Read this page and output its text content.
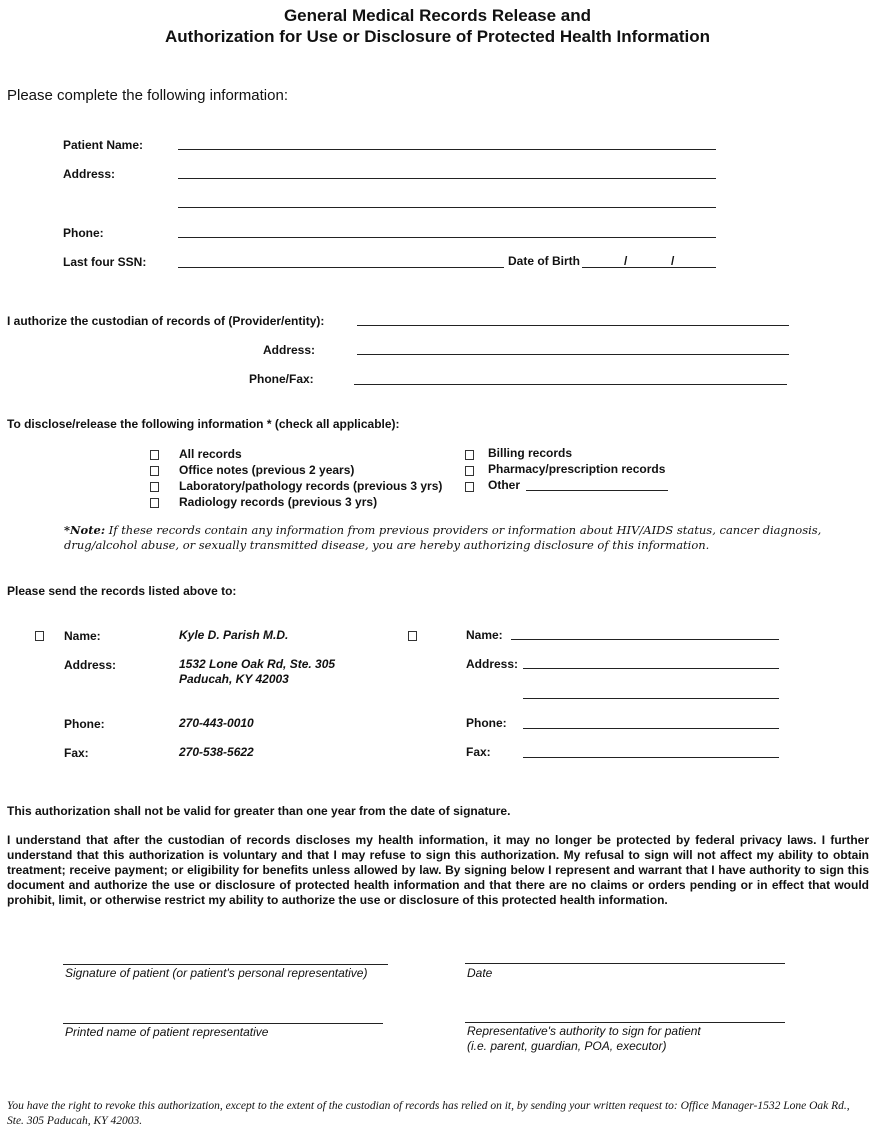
General Medical Records Release and
Authorization for Use or Disclosure of Protected Health Information
Please complete the following information:
Patient Name:
Address:
Phone:
Last four SSN:	Date of Birth	/	/
I authorize the custodian of records of (Provider/entity):
Address:
Phone/Fax:
To disclose/release the following information * (check all applicable):
All records
Office notes (previous 2 years)
Laboratory/pathology records (previous 3 yrs)
Radiology records (previous 3 yrs)
Billing records
Pharmacy/prescription records
Other
*Note: If these records contain any information from previous providers or information about HIV/AIDS status, cancer diagnosis, drug/alcohol abuse, or sexually transmitted disease, you are hereby authorizing disclosure of this information.
Please send the records listed above to:
Name:	Kyle D. Parish M.D.
Address:	1532 Lone Oak Rd, Ste. 305
Paducah, KY 42003
Phone:	270-443-0010
Fax:	270-538-5622
Name:
Address:
Phone:
Fax:
This authorization shall not be valid for greater than one year from the date of signature.
I understand that after the custodian of records discloses my health information, it may no longer be protected by federal privacy laws. I further understand that this authorization is voluntary and that I may refuse to sign this authorization. My refusal to sign will not affect my ability to obtain treatment; receive payment; or eligibility for benefits unless allowed by law. By signing below I represent and warrant that I have authority to sign this document and authorize the use or disclosure of protected health information and that there are no claims or orders pending or in effect that would prohibit, limit, or otherwise restrict my ability to authorize the use or disclosure of this protected health information.
Signature of patient (or patient's personal representative)	Date
Printed name of patient representative	Representative's authority to sign for patient
(i.e. parent, guardian, POA, executor)
You have the right to revoke this authorization, except to the extent of the custodian of records has relied on it, by sending your written request to: Office Manager-1532 Lone Oak Rd., Ste. 305 Paducah, KY 42003.
